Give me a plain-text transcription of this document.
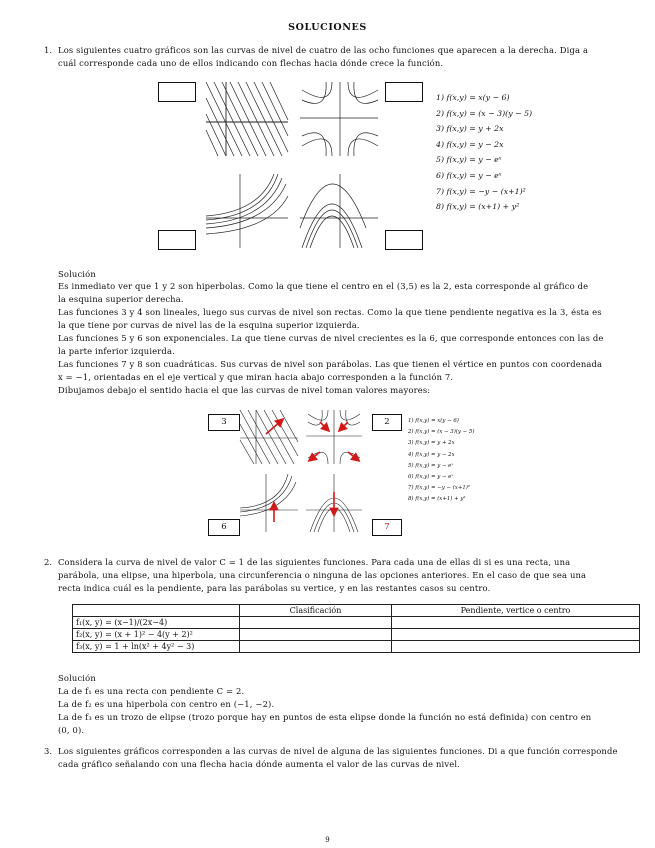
SOLUCIONES
1. Los siguientes cuatro gráficos son las curvas de nivel de cuatro de las ocho funciones que aparecen a la derecha. Diga a
cuál corresponde cada uno de ellos indicando con flechas hacia dónde crece la función.
1) f(x,y) = x(y − 6)
2) f(x,y) = (x − 3)(y − 5)
3) f(x,y) = y + 2x
4) f(x,y) = y − 2x
5) f(x,y) = y − eˣ
6) f(x,y) = y − eˣ
7) f(x,y) = −y − (x+1)²
8) f(x,y) = (x+1) + y²
Solución
Es inmediato ver que 1 y 2 son hiperbolas. Como la que tiene el centro en el (3,5) es la 2, esta corresponde al gráfico de
la esquina superior derecha.
Las funciones 3 y 4 son lineales, luego sus curvas de nivel son rectas. Como la que tiene pendiente negativa es la 3, ésta es
la que tiene por curvas de nivel las de la esquina superior izquierda.
Las funciones 5 y 6 son exponenciales. La que tiene curvas de nivel crecientes es la 6, que corresponde entonces con las de
la parte inferior izquierda.
Las funciones 7 y 8 son cuadráticas. Sus curvas de nivel son parábolas. Las que tienen el vértice en puntos con coordenada
x = −1, orientadas en el eje vertical y que miran hacia abajo corresponden a la función 7.
Dibujamos debajo el sentido hacia el que las curvas de nivel toman valores mayores:
3	2
6	7
1) f(x,y) = x(y − 6)
2) f(x,y) = (x − 3)(y − 5)
3) f(x,y) = y + 2x
4) f(x,y) = y − 2x
5) f(x,y) = y − eˣ
6) f(x,y) = y − eˣ
7) f(x,y) = −y − (x+1)²
8) f(x,y) = (x+1) + y²
2. Considera la curva de nivel de valor C = 1 de las siguientes funciones. Para cada una de ellas di si es una recta, una
parábola, una elipse, una hiperbola, una circunferencia o ninguna de las opciones anteriores. En el caso de que sea una
recta indica cuál es la pendiente, para las parábolas su vertice, y en las restantes casos su centro.
	Clasificación	Pendiente, vertice o centro
f₁(x, y) = (x−1)/(2x−4)		
f₂(x, y) = (x + 1)² − 4(y + 2)²		
f₃(x, y) = 1 + ln(x² + 4y² − 3)		
Solución
La de f₁ es una recta con pendiente C = 2.
La de f₂ es una hiperbola con centro en (−1, −2).
La de f₃ es un trozo de elipse (trozo porque hay en puntos de esta elipse donde la función no está definida) con centro en
(0, 0).
3. Los siguientes gráficos corresponden a las curvas de nivel de alguna de las siguientes funciones. Di a que función corresponde
cada gráfico señalando con una flecha hacia dónde aumenta el valor de las curvas de nivel.
9
